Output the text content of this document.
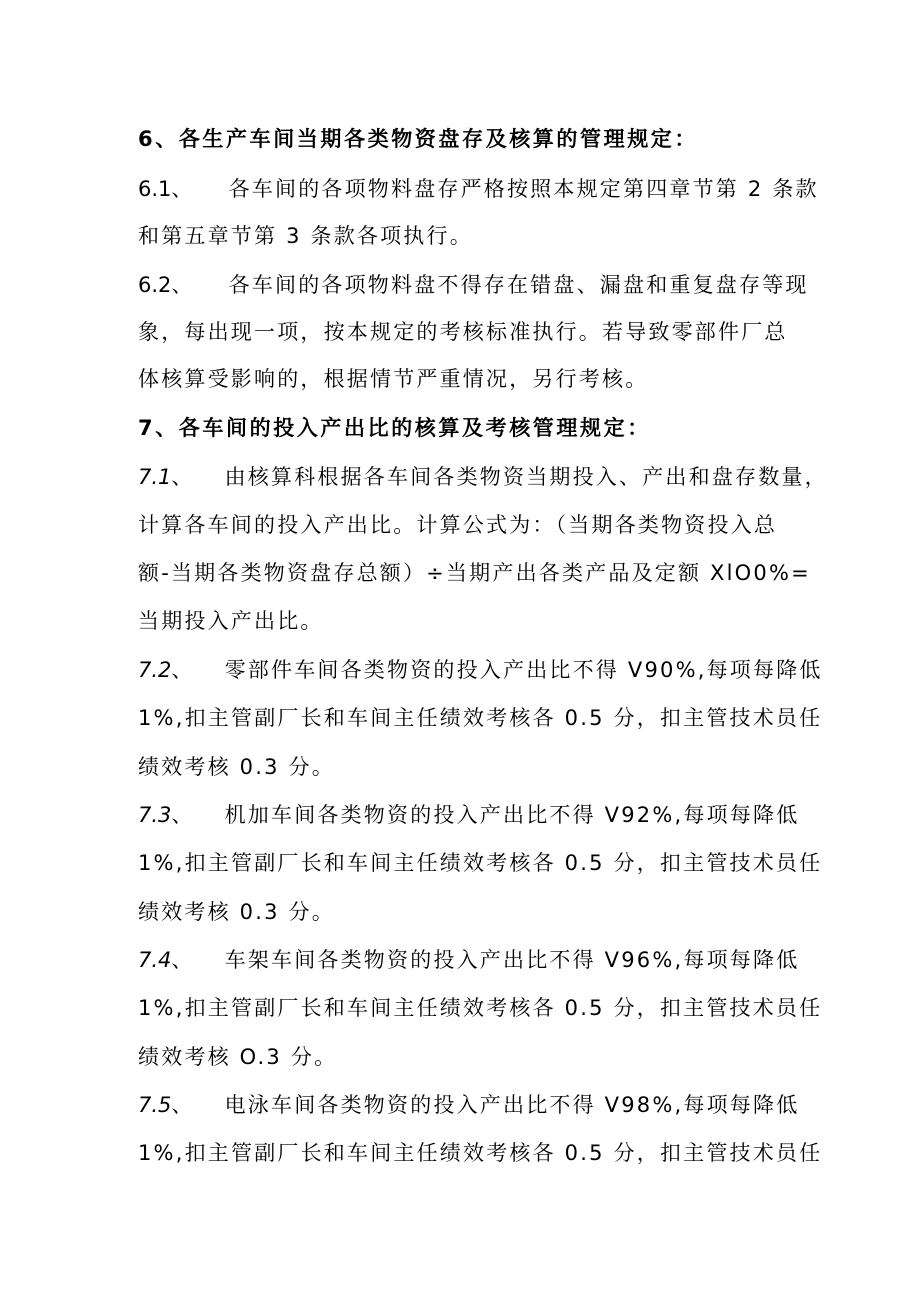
6、各生产车间当期各类物资盘存及核算的管理规定：
6.1、 各车间的各项物料盘存严格按照本规定第四章节第 2 条款
和第五章节第 3 条款各项执行。
6.2、 各车间的各项物料盘不得存在错盘、漏盘和重复盘存等现
象，每出现一项，按本规定的考核标准执行。若导致零部件厂总
体核算受影响的，根据情节严重情况，另行考核。
7、各车间的投入产出比的核算及考核管理规定：
7.1、 由核算科根据各车间各类物资当期投入、产出和盘存数量，
计算各车间的投入产出比。计算公式为：（当期各类物资投入总
额-当期各类物资盘存总额）÷当期产出各类产品及定额 XlO0%=
当期投入产出比。
7.2、 零部件车间各类物资的投入产出比不得 V90%,每项每降低
1%,扣主管副厂长和车间主任绩效考核各 0.5 分，扣主管技术员任
绩效考核 0.3 分。
7.3、 机加车间各类物资的投入产出比不得 V92%,每项每降低
1%,扣主管副厂长和车间主任绩效考核各 0.5 分，扣主管技术员任
绩效考核 0.3 分。
7.4、 车架车间各类物资的投入产出比不得 V96%,每项每降低
1%,扣主管副厂长和车间主任绩效考核各 0.5 分，扣主管技术员任
绩效考核 O.3 分。
7.5、 电泳车间各类物资的投入产出比不得 V98%,每项每降低
1%,扣主管副厂长和车间主任绩效考核各 0.5 分，扣主管技术员任
